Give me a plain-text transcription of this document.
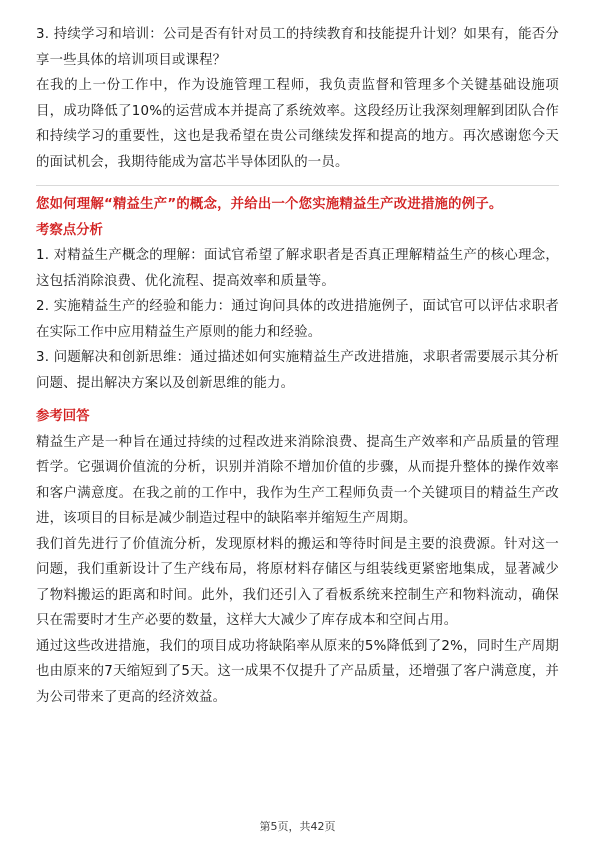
3. 持续学习和培训：公司是否有针对员工的持续教育和技能提升计划？如果有，能否分享一些具体的培训项目或课程？

在我的上一份工作中，作为设施管理工程师，我负责监督和管理多个关键基础设施项目，成功降低了10%的运营成本并提高了系统效率。这段经历让我深刻理解到团队合作和持续学习的重要性，这也是我希望在贵公司继续发挥和提高的地方。再次感谢您今天的面试机会，我期待能成为富芯半导体团队的一员。

您如何理解“精益生产”的概念，并给出一个您实施精益生产改进措施的例子。

考察点分析

1. 对精益生产概念的理解：面试官希望了解求职者是否真正理解精益生产的核心理念，这包括消除浪费、优化流程、提高效率和质量等。

2. 实施精益生产的经验和能力：通过询问具体的改进措施例子，面试官可以评估求职者在实际工作中应用精益生产原则的能力和经验。

3. 问题解决和创新思维：通过描述如何实施精益生产改进措施，求职者需要展示其分析问题、提出解决方案以及创新思维的能力。

参考回答

精益生产是一种旨在通过持续的过程改进来消除浪费、提高生产效率和产品质量的管理哲学。它强调价值流的分析，识别并消除不增加价值的步骤，从而提升整体的操作效率和客户满意度。在我之前的工作中，我作为生产工程师负责一个关键项目的精益生产改进，该项目的目标是减少制造过程中的缺陷率并缩短生产周期。

我们首先进行了价值流分析，发现原材料的搬运和等待时间是主要的浪费源。针对这一问题，我们重新设计了生产线布局，将原材料存储区与组装线更紧密地集成，显著减少了物料搬运的距离和时间。此外，我们还引入了看板系统来控制生产和物料流动，确保只在需要时才生产必要的数量，这样大大减少了库存成本和空间占用。

通过这些改进措施，我们的项目成功将缺陷率从原来的5%降低到了2%，同时生产周期也由原来的7天缩短到了5天。这一成果不仅提升了产品质量，还增强了客户满意度，并为公司带来了更高的经济效益。

第5页，共42页
